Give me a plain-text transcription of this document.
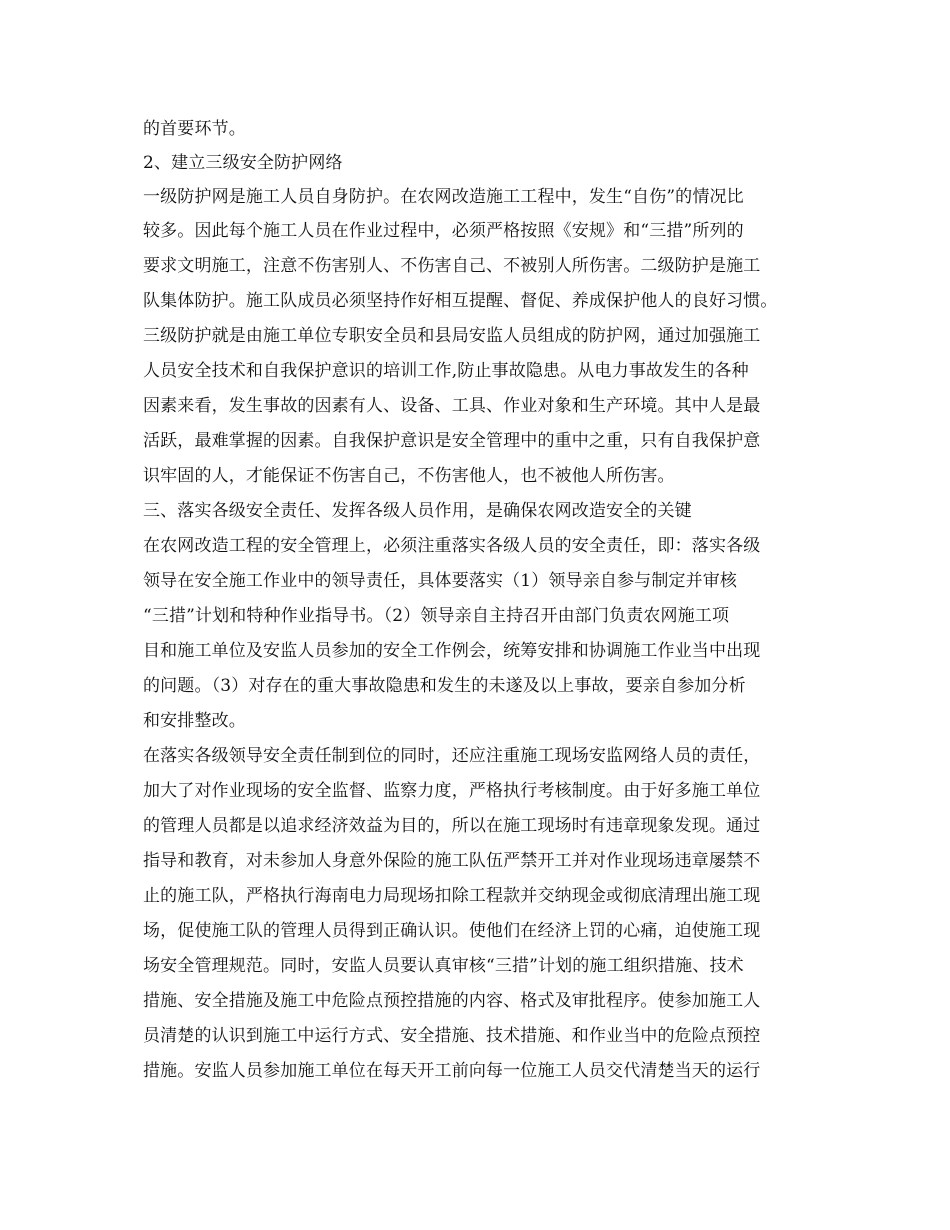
的首要环节。
2、建立三级安全防护网络
一级防护网是施工人员自身防护。在农网改造施工工程中，发生“自伤”的情况比
较多。因此每个施工人员在作业过程中，必须严格按照《安规》和“三措”所列的
要求文明施工，注意不伤害别人、不伤害自己、不被别人所伤害。二级防护是施工
队集体防护。施工队成员必须坚持作好相互提醒、督促、养成保护他人的良好习惯。
三级防护就是由施工单位专职安全员和县局安监人员组成的防护网，通过加强施工
人员安全技术和自我保护意识的培训工作,防止事故隐患。从电力事故发生的各种
因素来看，发生事故的因素有人、设备、工具、作业对象和生产环境。其中人是最
活跃，最难掌握的因素。自我保护意识是安全管理中的重中之重，只有自我保护意
识牢固的人，才能保证不伤害自己，不伤害他人，也不被他人所伤害。
三、落实各级安全责任、发挥各级人员作用，是确保农网改造安全的关键
在农网改造工程的安全管理上，必须注重落实各级人员的安全责任，即：落实各级
领导在安全施工作业中的领导责任，具体要落实（1）领导亲自参与制定并审核
“三措”计划和特种作业指导书。（2）领导亲自主持召开由部门负责农网施工项
目和施工单位及安监人员参加的安全工作例会，统筹安排和协调施工作业当中出现
的问题。（3）对存在的重大事故隐患和发生的未遂及以上事故，要亲自参加分析
和安排整改。
在落实各级领导安全责任制到位的同时，还应注重施工现场安监网络人员的责任，
加大了对作业现场的安全监督、监察力度，严格执行考核制度。由于好多施工单位
的管理人员都是以追求经济效益为目的，所以在施工现场时有违章现象发现。通过
指导和教育，对未参加人身意外保险的施工队伍严禁开工并对作业现场违章屡禁不
止的施工队，严格执行海南电力局现场扣除工程款并交纳现金或彻底清理出施工现
场，促使施工队的管理人员得到正确认识。使他们在经济上罚的心痛，迫使施工现
场安全管理规范。同时，安监人员要认真审核“三措”计划的施工组织措施、技术
措施、安全措施及施工中危险点预控措施的内容、格式及审批程序。使参加施工人
员清楚的认识到施工中运行方式、安全措施、技术措施、和作业当中的危险点预控
措施。安监人员参加施工单位在每天开工前向每一位施工人员交代清楚当天的运行
